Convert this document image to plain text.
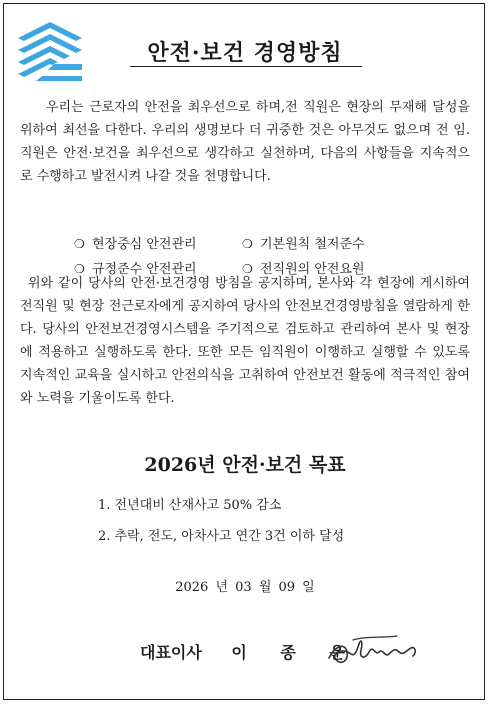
안전·보건 경영방침

우리는 근로자의 안전을 최우선으로 하며,전 직원은 현장의 무재해 달성을 위하여 최선을 다한다. 우리의 생명보다 더 귀중한 것은 아무것도 없으며 전 임.직원은 안전·보건을 최우선으로 생각하고 실천하며, 다음의 사항들을 지속적으로 수행하고 발전시켜 나갈 것을 천명합니다.

❍ 현장중심 안전관리	❍ 기본원칙 철저준수
❍ 규정준수 안전관리	❍ 전직원의 안전요원

위와 같이 당사의 안전·보건경영 방침을 공지하며, 본사와 각 현장에 게시하여 전직원 및 현장 전근로자에게 공지하여 당사의 안전보건경영방침을 열람하게 한다. 당사의 안전보건경영시스템을 주기적으로 검토하고 관리하여 본사 및 현장에 적용하고 실행하도록 한다. 또한 모든 임직원이 이행하고 실행할 수 있도록 지속적인 교육을 실시하고 안전의식을 고취하여 안전보건 활동에 적극적인 참여와 노력을 기울이도록 한다.

2026년 안전·보건 목표
1. 전년대비 산재사고 50% 감소
2. 추락, 전도, 아차사고 연간 3건 이하 달성
2026 년 03 월 09 일
대표이사 이 종 운
